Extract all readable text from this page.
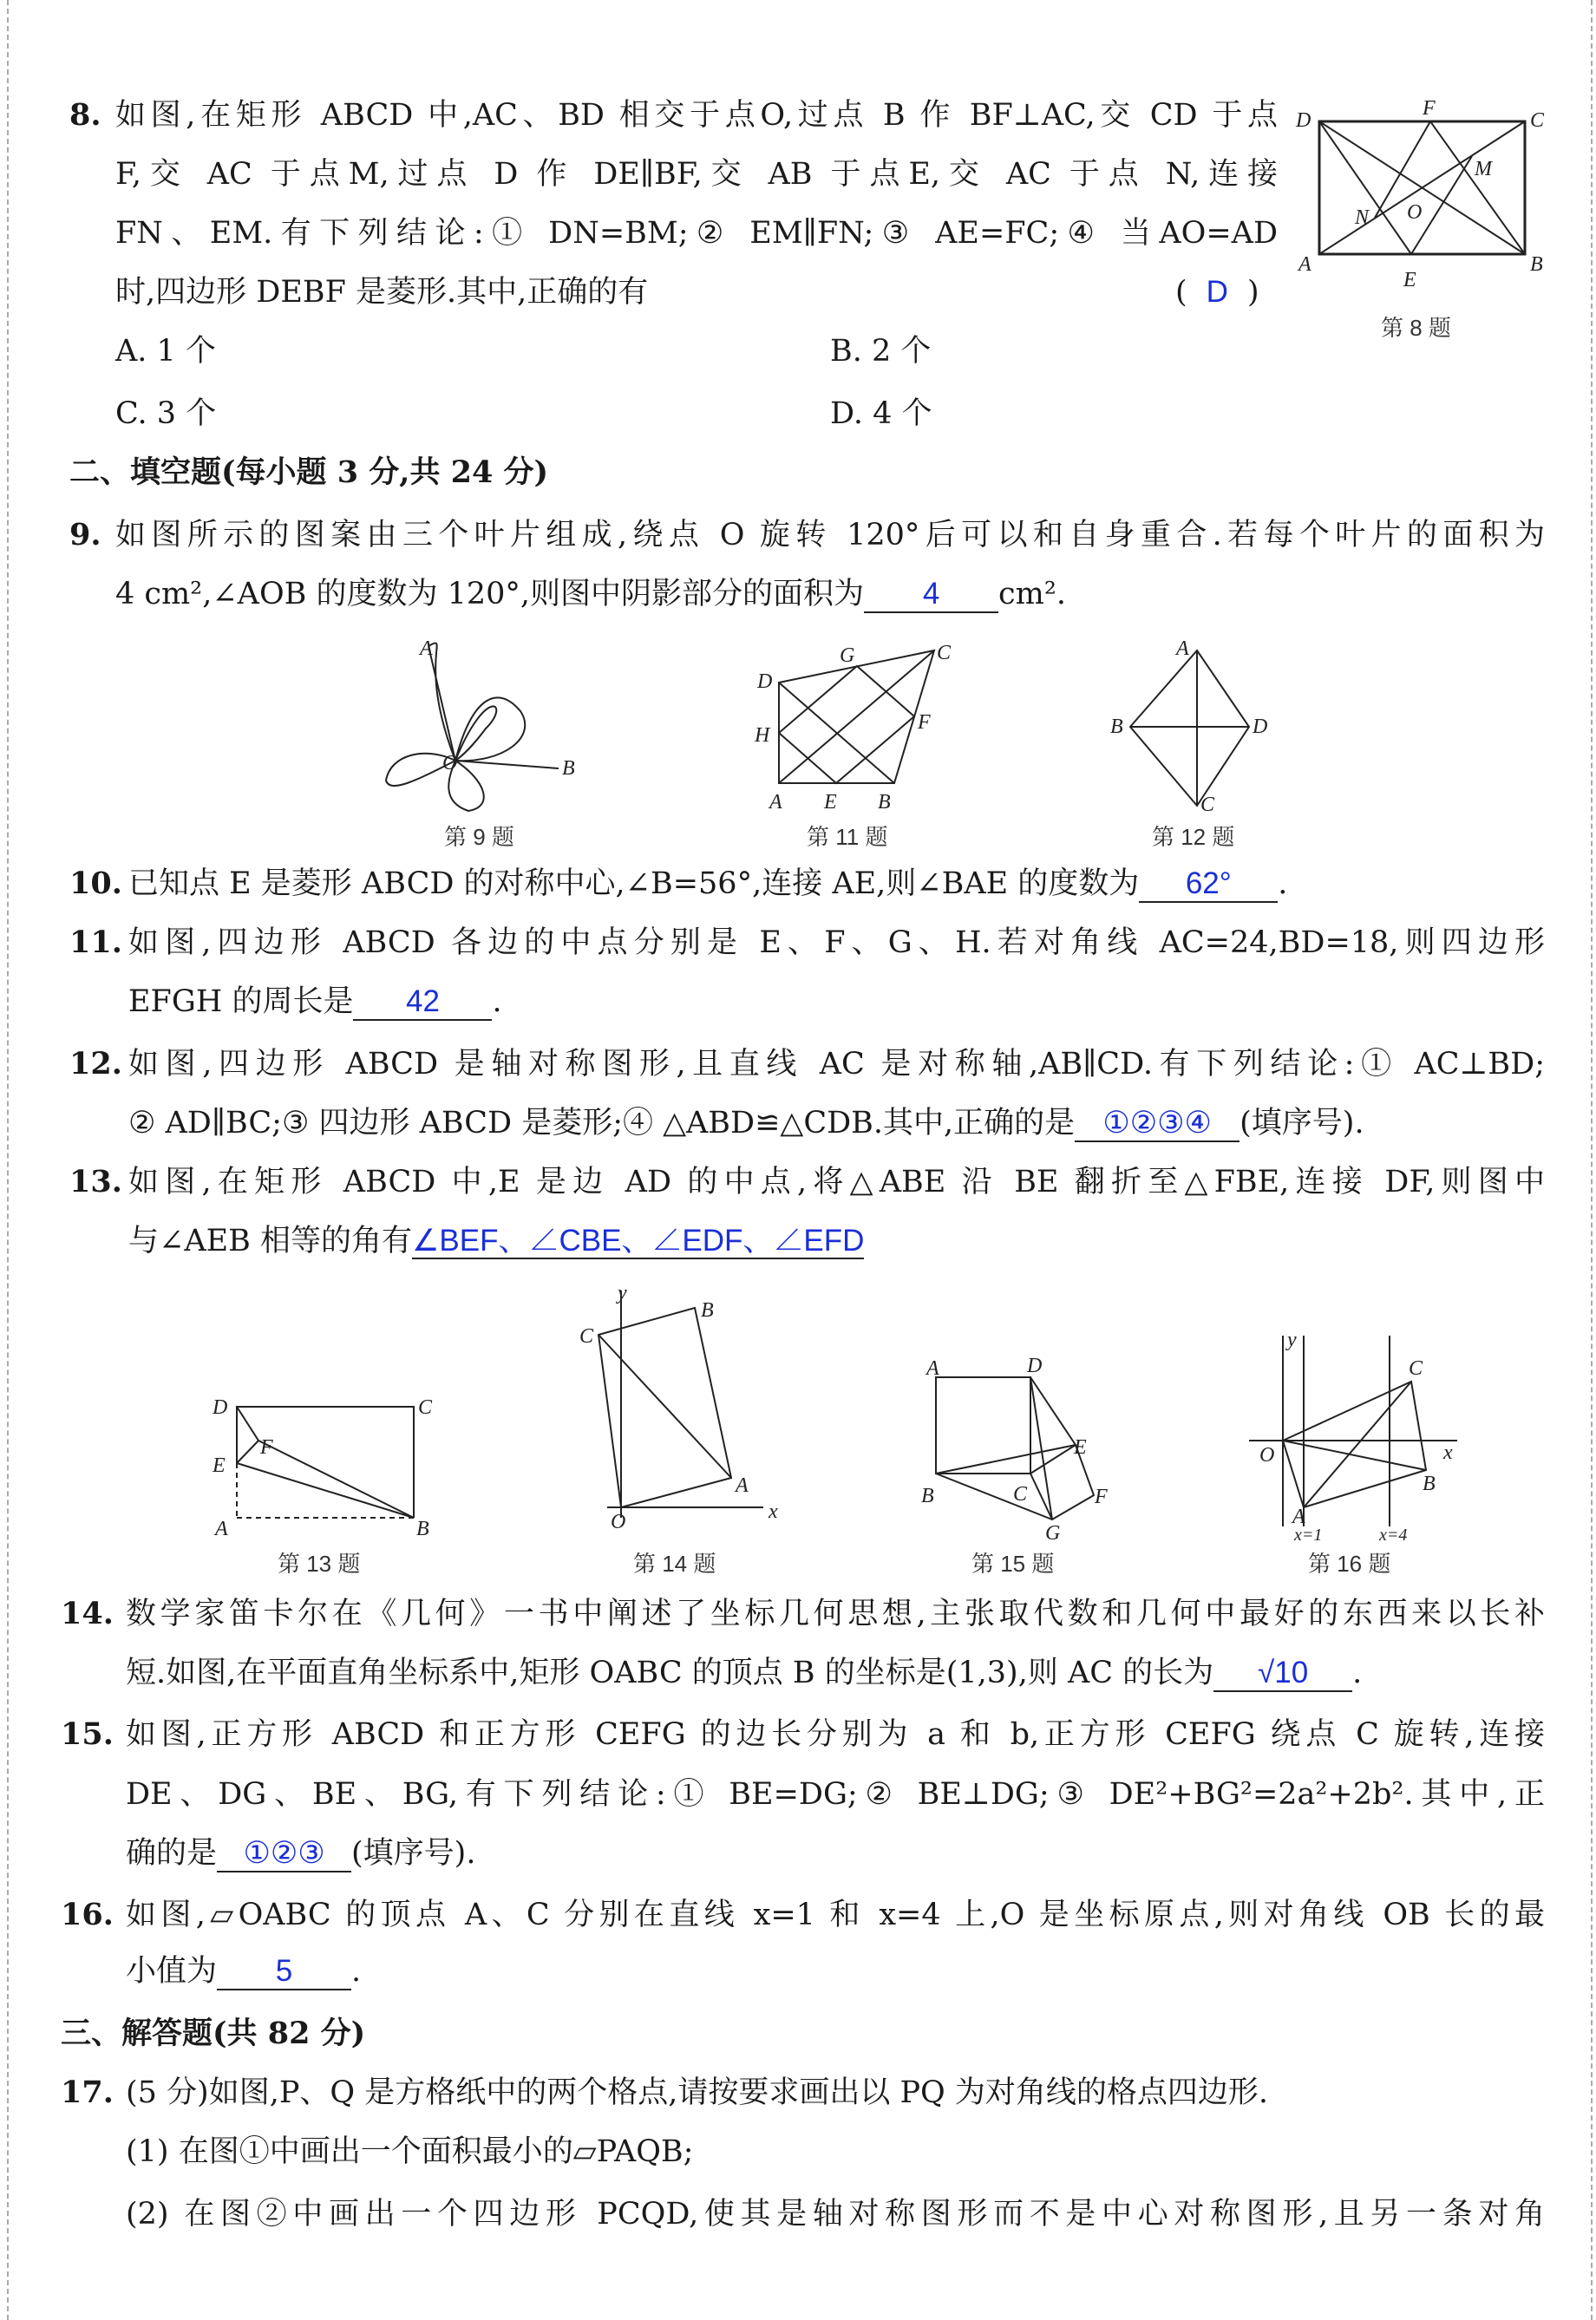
8. 如图,在矩形 ABCD 中,AC、BD 相交于点O,过点 B 作 BF⊥AC,交 CD 于点
F,交 AC 于点M,过点 D 作 DE∥BF,交 AB 于点E,交 AC 于点 N,连接
FN、EM.有下列结论:① DN=BM;② EM∥FN;③ AE=FC;④ 当AO=AD
时,四边形 DEBF 是菱形.其中,正确的有	( D )
A. 1 个	B. 2 个
C. 3 个	D. 4 个
D
F
C
M
N O
A
E
B
第 8 题
二、填空题(每小题 3 分,共 24 分)
9. 如图所示的图案由三个叶片组成,绕点 O 旋转 120°后可以和自身重合.若每个叶片的面积为
4 cm²,∠AOB 的度数为 120°,则图中阴影部分的面积为 4 cm².
A
O	B
第 9 题
G	C
D
F
H
A E B
第 11 题
A
B	D
C
第 12 题
10. 已知点 E 是菱形 ABCD 的对称中心,∠B=56°,连接 AE,则∠BAE 的度数为 62° .
11. 如图,四边形 ABCD 各边的中点分别是 E、F、G、H.若对角线 AC=24,BD=18,则四边形
EFGH 的周长是 42 .
12. 如图,四边形 ABCD 是轴对称图形,且直线 AC 是对称轴,AB∥CD.有下列结论:① AC⊥BD;
② AD∥BC;③ 四边形 ABCD 是菱形;④ △ABD≌△CDB.其中,正确的是 ①②③④ (填序号).
13. 如图,在矩形 ABCD 中,E 是边 AD 的中点,将△ABE 沿 BE 翻折至△FBE,连接 DF,则图中
与∠AEB 相等的角有∠BEF、∠CBE、∠EDF、∠EFD
D	C
F
E
A	B
第 13 题
y
C
B
A
O	x
第 14 题
A	D
E
F
B	C
G
第 15 题
y
C
O	x
B
A
x=1	x=4
第 16 题
14. 数学家笛卡尔在《几何》一书中阐述了坐标几何思想,主张取代数和几何中最好的东西来以长补
短.如图,在平面直角坐标系中,矩形 OABC 的顶点 B 的坐标是(1,3),则 AC 的长为 √10 .
15. 如图,正方形 ABCD 和正方形 CEFG 的边长分别为 a 和 b,正方形 CEFG 绕点 C 旋转,连接
DE、DG、BE、BG,有下列结论:① BE=DG;② BE⊥DG;③ DE²+BG²=2a²+2b².其中,正
确的是 ①②③ (填序号).
16. 如图,▱OABC 的顶点 A、C 分别在直线 x=1 和 x=4 上,O 是坐标原点,则对角线 OB 长的最
小值为 5 .
三、解答题(共 82 分)
17. (5 分)如图,P、Q 是方格纸中的两个格点,请按要求画出以 PQ 为对角线的格点四边形.
(1) 在图①中画出一个面积最小的▱PAQB;
(2) 在图②中画出一个四边形 PCQD,使其是轴对称图形而不是中心对称图形,且另一条对角
